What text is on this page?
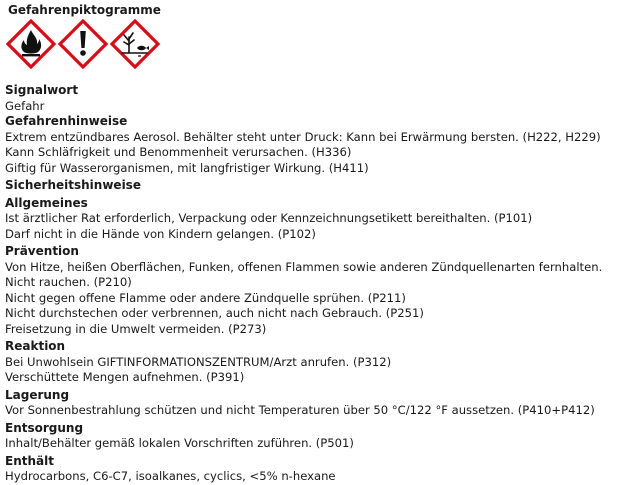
Gefahrenpiktogramme
Signalwort
Gefahr
Gefahrenhinweise
Extrem entzündbares Aerosol. Behälter steht unter Druck: Kann bei Erwärmung bersten. (H222, H229)
Kann Schläfrigkeit und Benommenheit verursachen. (H336)
Giftig für Wasserorganismen, mit langfristiger Wirkung. (H411)
Sicherheitshinweise
Allgemeines
Ist ärztlicher Rat erforderlich, Verpackung oder Kennzeichnungsetikett bereithalten. (P101)
Darf nicht in die Hände von Kindern gelangen. (P102)
Prävention
Von Hitze, heißen Oberflächen, Funken, offenen Flammen sowie anderen Zündquellenarten fernhalten. Nicht rauchen. (P210)
Nicht gegen offene Flamme oder andere Zündquelle sprühen. (P211)
Nicht durchstechen oder verbrennen, auch nicht nach Gebrauch. (P251)
Freisetzung in die Umwelt vermeiden. (P273)
Reaktion
Bei Unwohlsein GIFTINFORMATIONSZENTRUM/Arzt anrufen. (P312)
Verschüttete Mengen aufnehmen. (P391)
Lagerung
Vor Sonnenbestrahlung schützen und nicht Temperaturen über 50 °C/122 °F aussetzen. (P410+P412)
Entsorgung
Inhalt/Behälter gemäß lokalen Vorschriften zuführen. (P501)
Enthält
Hydrocarbons, C6-C7, isoalkanes, cyclics, <5% n-hexane
